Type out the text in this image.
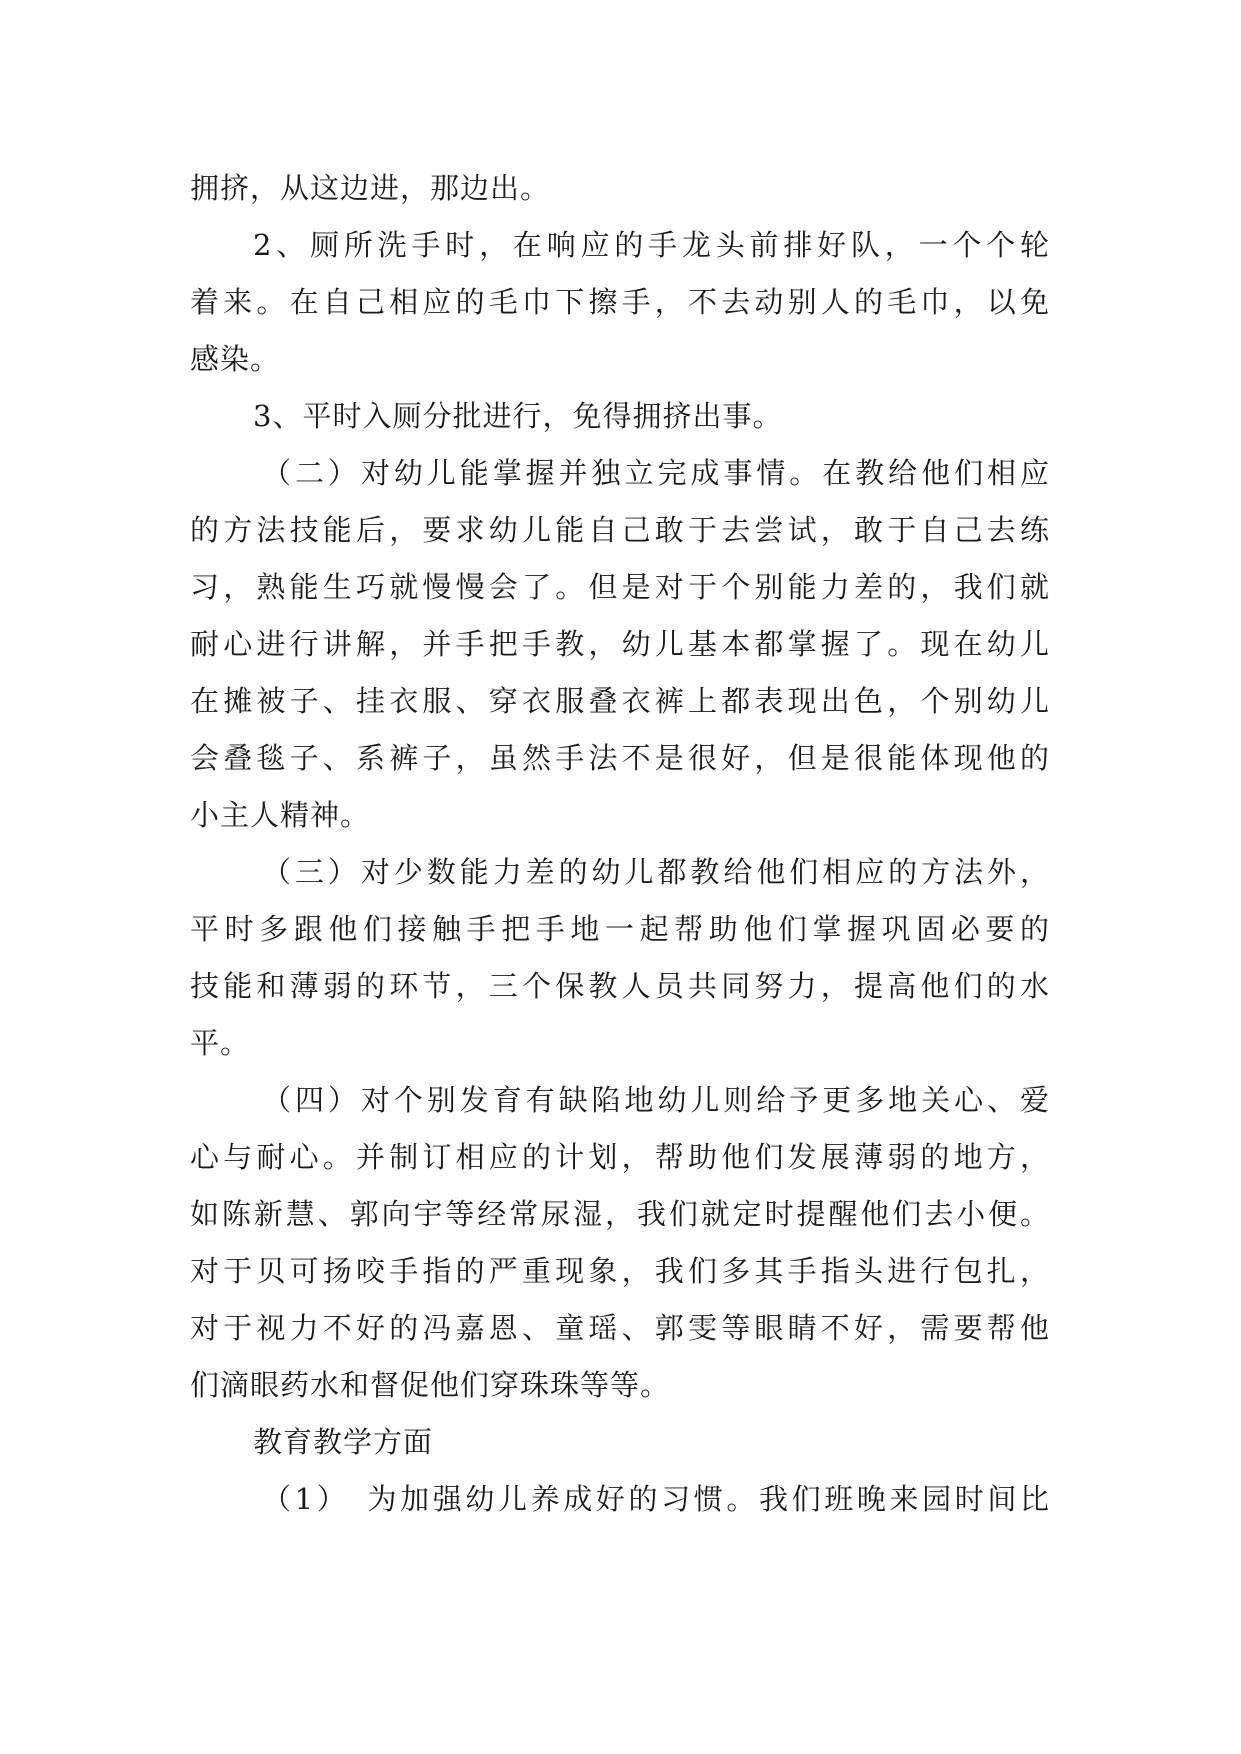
拥挤，从这边进，那边出。
2、厕所洗手时，在响应的手龙头前排好队，一个个轮
着来。在自己相应的毛巾下擦手，不去动别人的毛巾，以免
感染。
3、平时入厕分批进行，免得拥挤出事。
（二）对幼儿能掌握并独立完成事情。在教给他们相应
的方法技能后，要求幼儿能自己敢于去尝试，敢于自己去练
习，熟能生巧就慢慢会了。但是对于个别能力差的，我们就
耐心进行讲解，并手把手教，幼儿基本都掌握了。现在幼儿
在摊被子、挂衣服、穿衣服叠衣裤上都表现出色，个别幼儿
会叠毯子、系裤子，虽然手法不是很好，但是很能体现他的
小主人精神。
（三）对少数能力差的幼儿都教给他们相应的方法外，
平时多跟他们接触手把手地一起帮助他们掌握巩固必要的
技能和薄弱的环节，三个保教人员共同努力，提高他们的水
平。
（四）对个别发育有缺陷地幼儿则给予更多地关心、爱
心与耐心。并制订相应的计划，帮助他们发展薄弱的地方，
如陈新慧、郭向宇等经常尿湿，我们就定时提醒他们去小便。
对于贝可扬咬手指的严重现象，我们多其手指头进行包扎，
对于视力不好的冯嘉恩、童瑶、郭雯等眼睛不好，需要帮他
们滴眼药水和督促他们穿珠珠等等。
教育教学方面
（1）　为加强幼儿养成好的习惯。我们班晚来园时间比
